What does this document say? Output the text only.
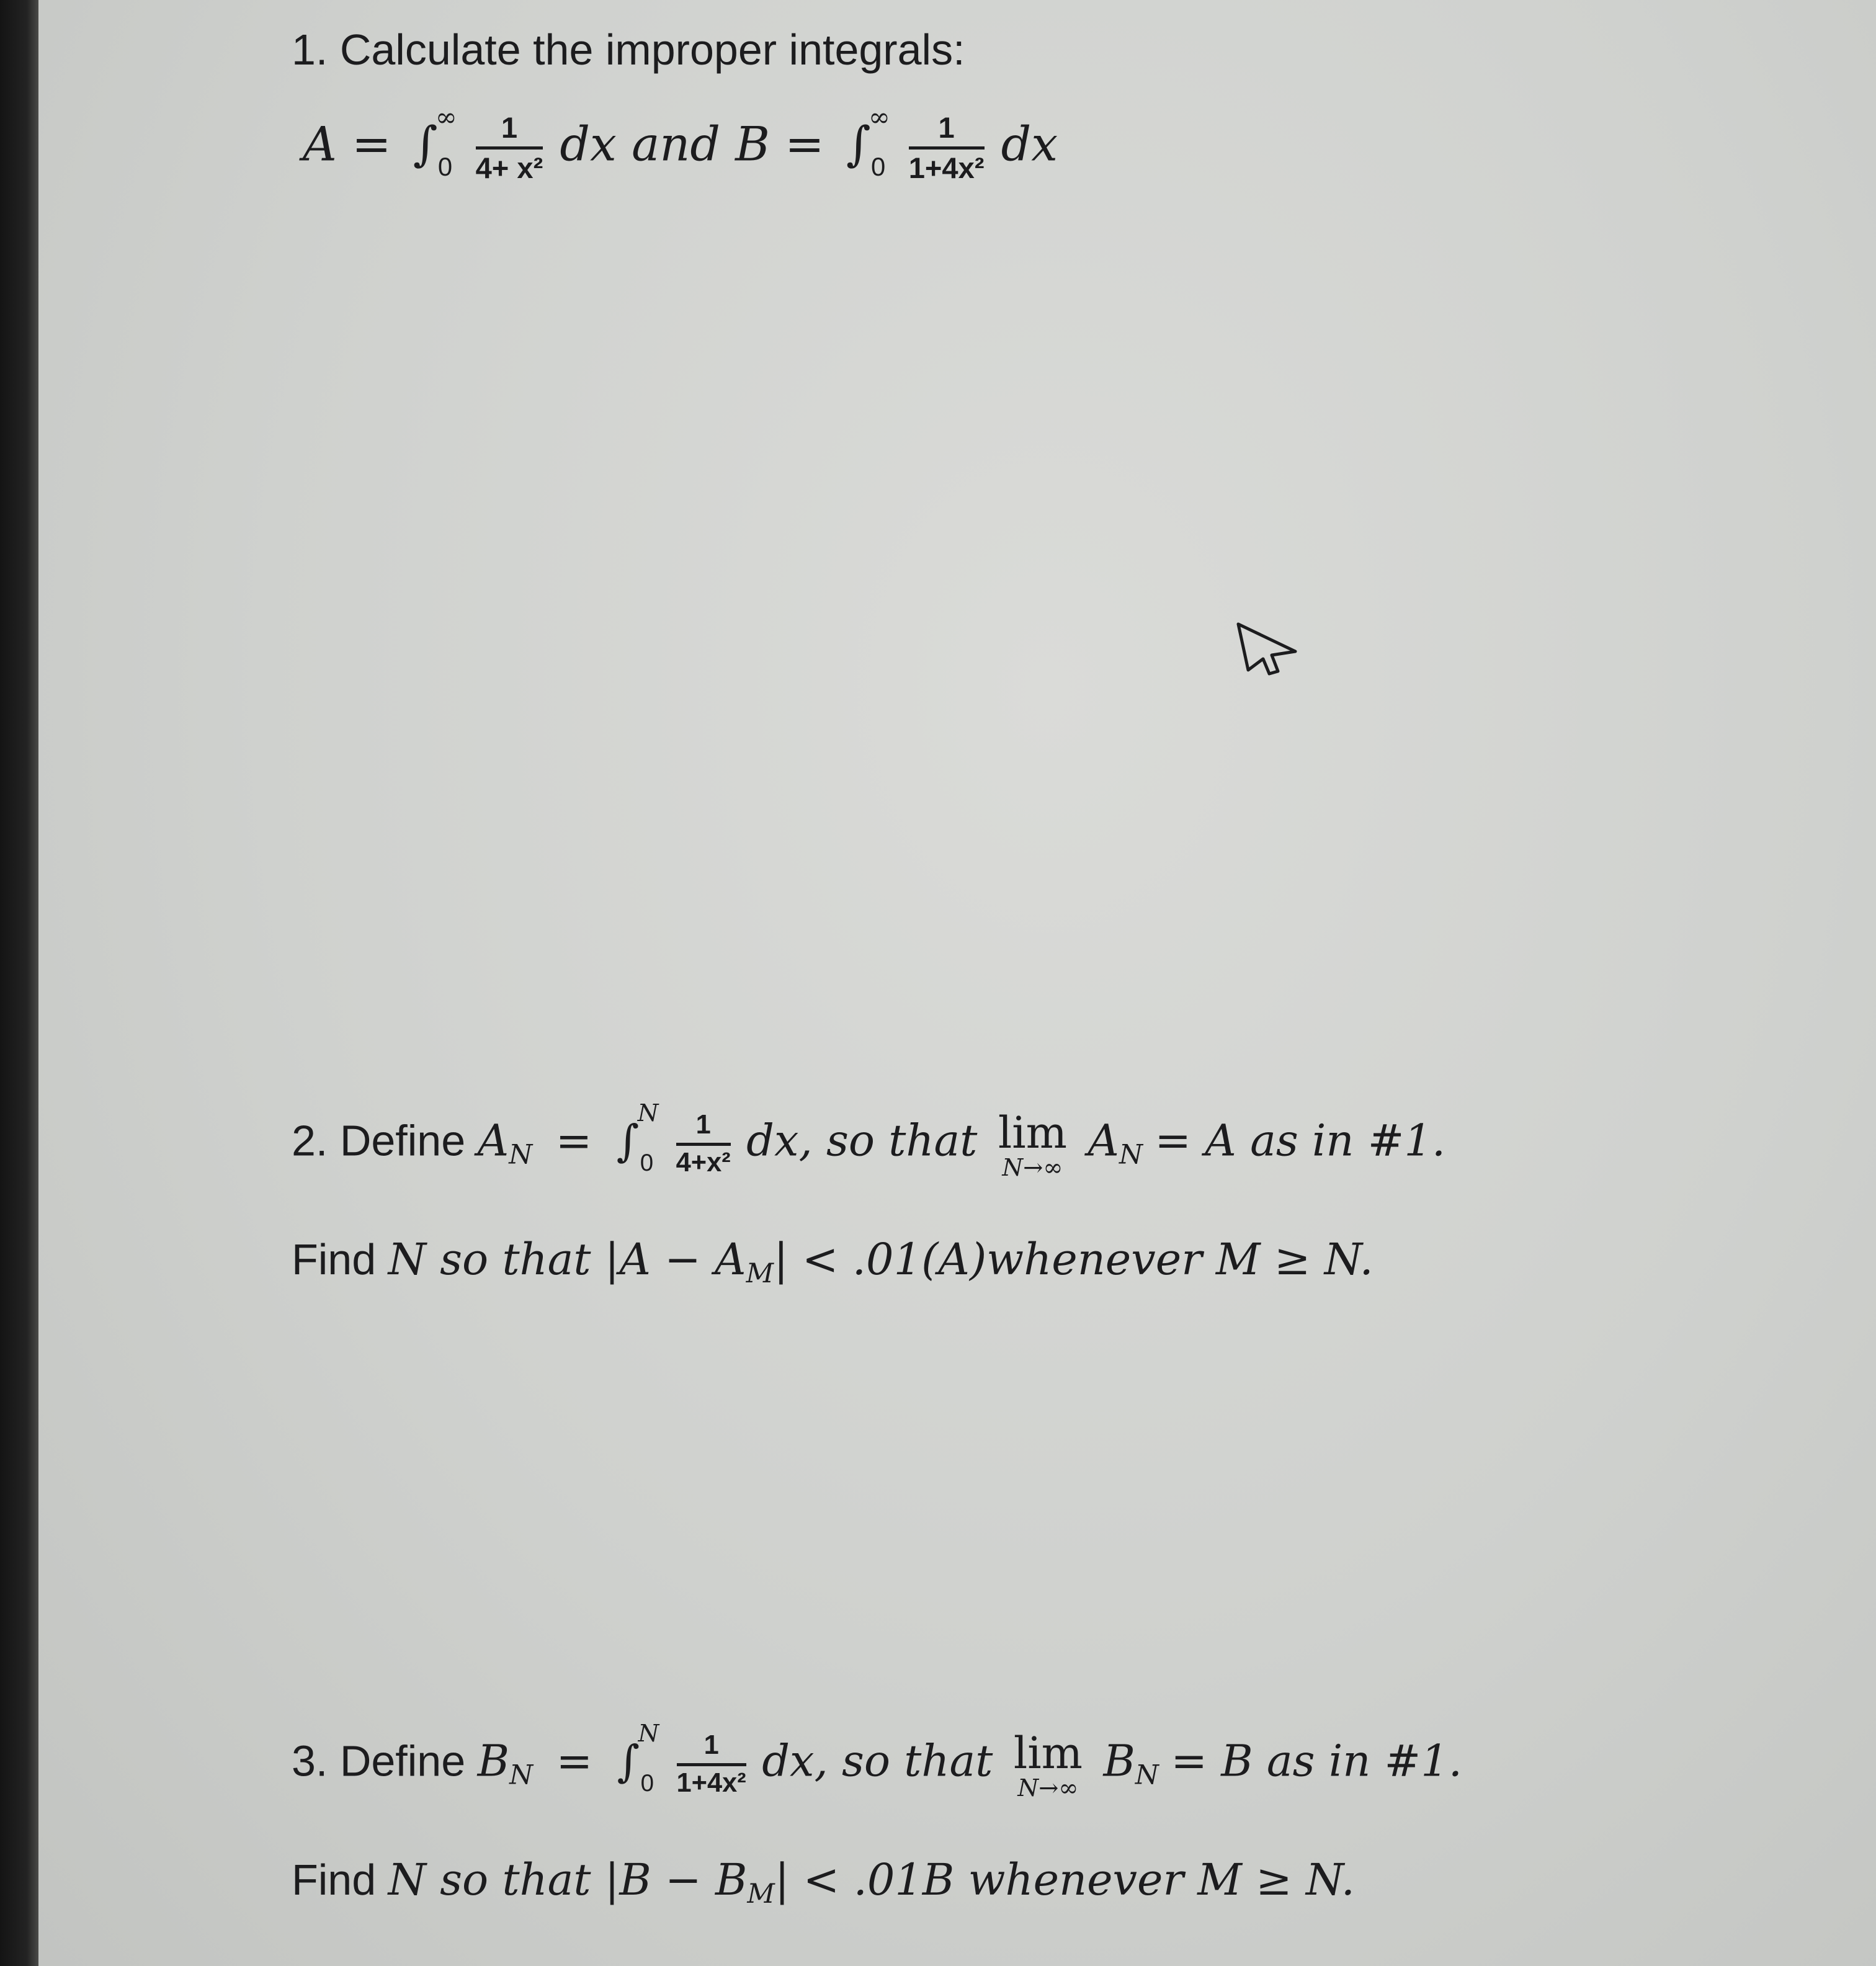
1. Calculate the improper integrals:
A = ∫
∞
0

1
4+ x² dx and B = ∫
∞
0

1
1+4x² dx
2. Define $A_N$ = ∫
N
0

1
4+x² dx, so that lim
N→∞
$A_N = A$ as in #1.
Find N so that $|A - A_M|$ < .01(A)whenever M ≥ N.
3. Define $B_N$ = ∫
N
0

1
1+4x² dx, so that lim
N→∞
$B_N = B$ as in #1.
Find N so that $|B - B_M| < .01B$ whenever M ≥ N.
